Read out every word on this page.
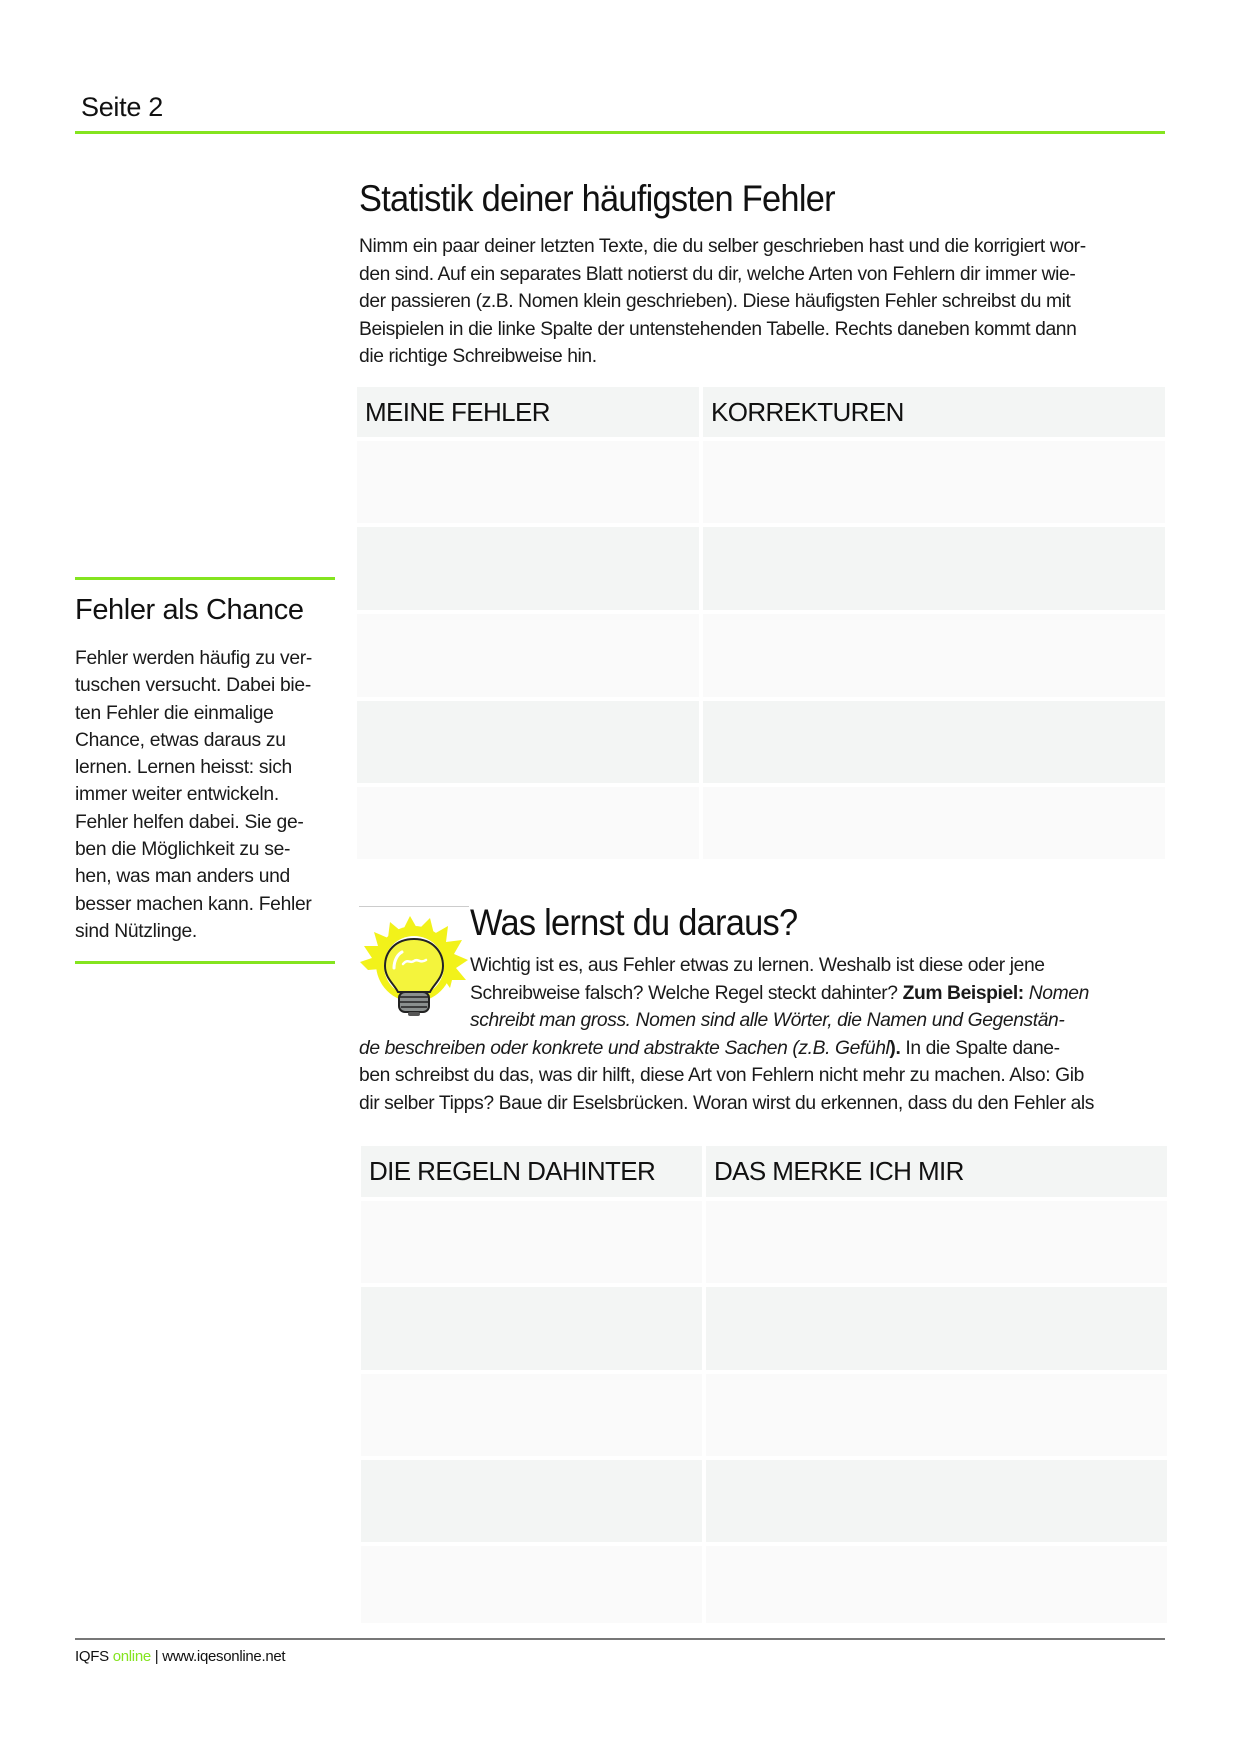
Seite 2
Statistik deiner häufigsten Fehler
Nimm ein paar deiner letzten Texte, die du selber geschrieben hast und die korrigiert wor-
den sind. Auf ein separates Blatt notierst du dir, welche Arten von Fehlern dir immer wie-
der passieren (z.B. Nomen klein geschrieben). Diese häufigsten Fehler schreibst du mit
Beispielen in die linke Spalte der untenstehenden Tabelle. Rechts daneben kommt dann
die richtige Schreibweise hin.
MEINE FEHLER	KORREKTUREN
Fehler als Chance
Fehler werden häufig zu ver-
tuschen versucht. Dabei bie-
ten Fehler die einmalige
Chance, etwas daraus zu
lernen. Lernen heisst: sich
immer weiter entwickeln.
Fehler helfen dabei. Sie ge-
ben die Möglichkeit zu se-
hen, was man anders und
besser machen kann. Fehler
sind Nützlinge.	Was lernst du daraus?
Wichtig ist es, aus Fehler etwas zu lernen. Weshalb ist diese oder jene
Schreibweise falsch? Welche Regel steckt dahinter? Zum Beispiel: Nomen
schreibt man gross. Nomen sind alle Wörter, die Namen und Gegenstän-
de beschreiben oder konkrete und abstrakte Sachen (z.B. Gefühl). In die Spalte dane-
ben schreibst du das, was dir hilft, diese Art von Fehlern nicht mehr zu machen. Also: Gib
dir selber Tipps? Baue dir Eselsbrücken. Woran wirst du erkennen, dass du den Fehler als
DIE REGELN DAHINTER	DAS MERKE ICH MIR
IQFS online | www.iqesonline.net
